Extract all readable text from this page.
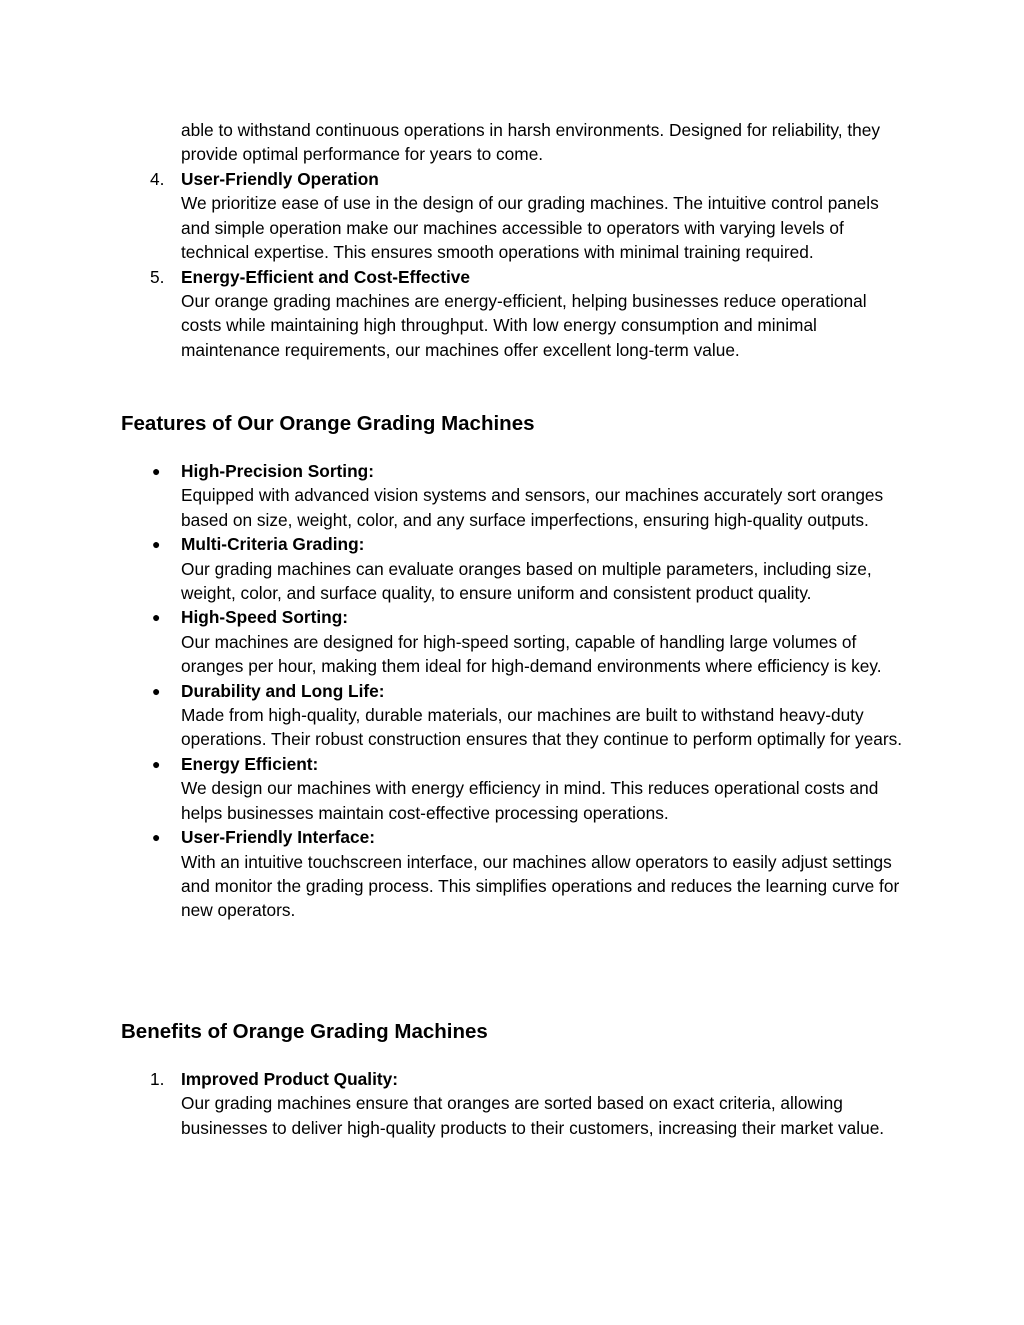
able to withstand continuous operations in harsh environments. Designed for reliability, they provide optimal performance for years to come.
4. User-Friendly Operation
We prioritize ease of use in the design of our grading machines. The intuitive control panels and simple operation make our machines accessible to operators with varying levels of technical expertise. This ensures smooth operations with minimal training required.
5. Energy-Efficient and Cost-Effective
Our orange grading machines are energy-efficient, helping businesses reduce operational costs while maintaining high throughput. With low energy consumption and minimal maintenance requirements, our machines offer excellent long-term value.
Features of Our Orange Grading Machines
● High-Precision Sorting:
Equipped with advanced vision systems and sensors, our machines accurately sort oranges based on size, weight, color, and any surface imperfections, ensuring high-quality outputs.
● Multi-Criteria Grading:
Our grading machines can evaluate oranges based on multiple parameters, including size, weight, color, and surface quality, to ensure uniform and consistent product quality.
● High-Speed Sorting:
Our machines are designed for high-speed sorting, capable of handling large volumes of oranges per hour, making them ideal for high-demand environments where efficiency is key.
● Durability and Long Life:
Made from high-quality, durable materials, our machines are built to withstand heavy-duty operations. Their robust construction ensures that they continue to perform optimally for years.
● Energy Efficient:
We design our machines with energy efficiency in mind. This reduces operational costs and helps businesses maintain cost-effective processing operations.
● User-Friendly Interface:
With an intuitive touchscreen interface, our machines allow operators to easily adjust settings and monitor the grading process. This simplifies operations and reduces the learning curve for new operators.
Benefits of Orange Grading Machines
1. Improved Product Quality:
Our grading machines ensure that oranges are sorted based on exact criteria, allowing businesses to deliver high-quality products to their customers, increasing their market value.
